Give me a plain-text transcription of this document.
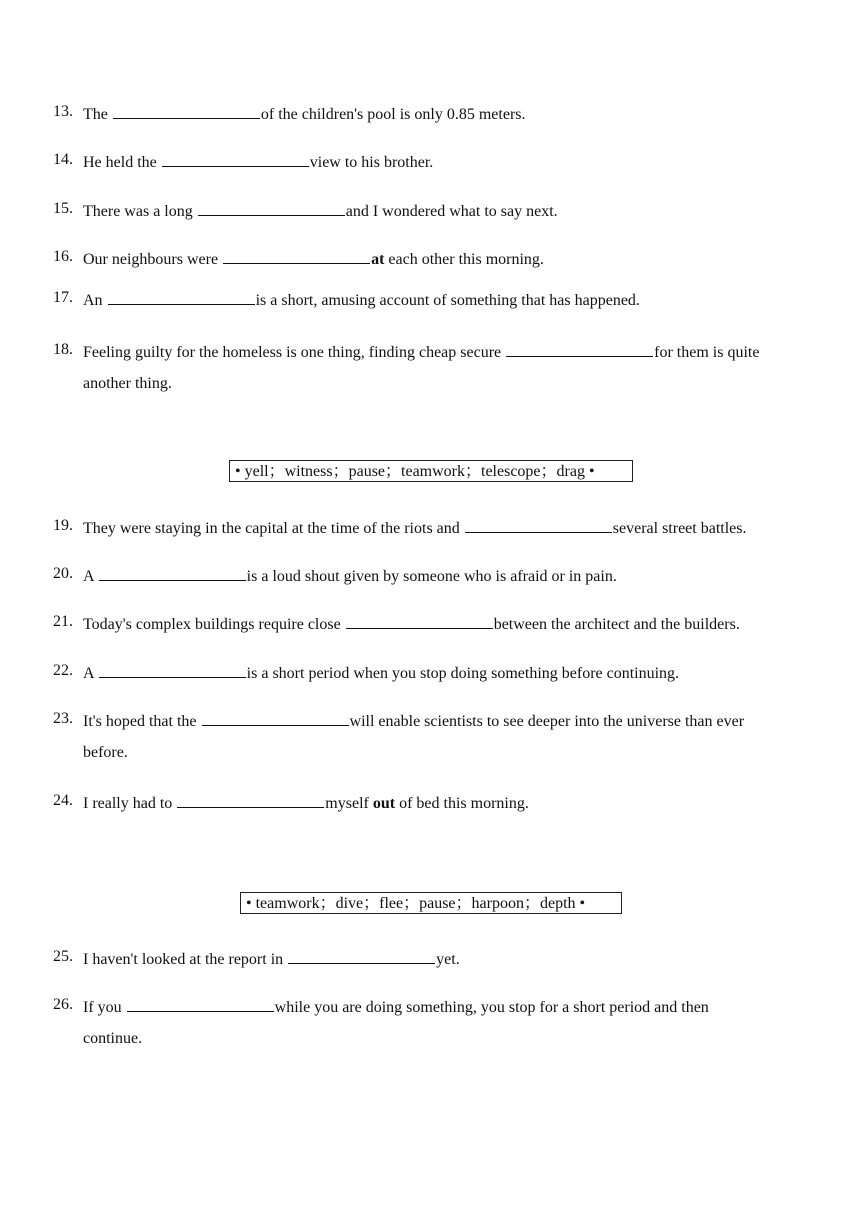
13. The	of the children's pool is only 0.85 meters.
14. He held the	view to his brother.
15. There was a long	and I wondered what to say next.
16. Our neighbours were	at each other this morning.
17. An	is a short, amusing account of something that has happened.
18. Feeling guilty for the homeless is one thing, finding cheap secure	for them is quite
another thing.
• yell；witness；pause；teamwork；telescope；drag •
19. They were staying in the capital at the time of the riots and	several street battles.
20. A	is a loud shout given by someone who is afraid or in pain.
21. Today's complex buildings require close	between the architect and the builders.
22. A	is a short period when you stop doing something before continuing.
23. It's hoped that the	will enable scientists to see deeper into the universe than ever
before.
24. I really had to	myself out of bed this morning.
• teamwork；dive；flee；pause；harpoon；depth •
25. I haven't looked at the report in	yet.
26. If you	while you are doing something, you stop for a short period and then
continue.
